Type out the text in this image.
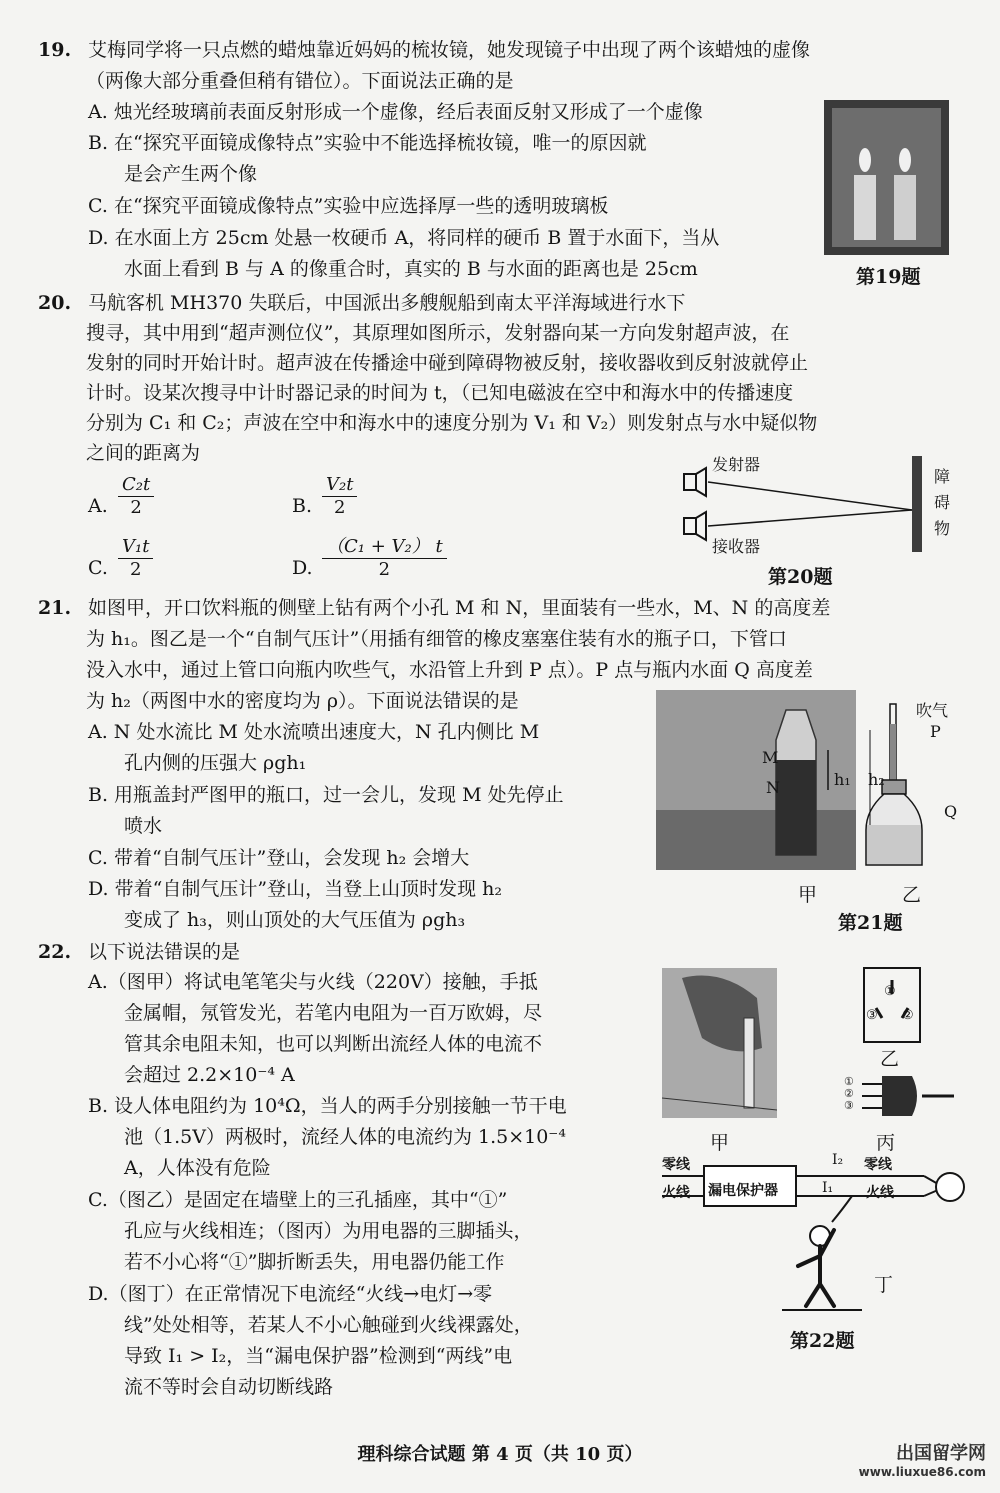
19. 艾梅同学将一只点燃的蜡烛靠近妈妈的梳妆镜，她发现镜子中出现了两个该蜡烛的虚像
（两像大部分重叠但稍有错位）。下面说法正确的是
A. 烛光经玻璃前表面反射形成一个虚像，经后表面反射又形成了一个虚像
B. 在“探究平面镜成像特点”实验中不能选择梳妆镜，唯一的原因就
是会产生两个像
C. 在“探究平面镜成像特点”实验中应选择厚一些的透明玻璃板
D. 在水面上方 25cm 处悬一枚硬币 A，将同样的硬币 B 置于水面下，当从
水面上看到 B 与 A 的像重合时，真实的 B 与水面的距离也是 25cm	第19题
20. 马航客机 MH370 失联后，中国派出多艘舰船到南太平洋海域进行水下
搜寻，其中用到“超声测位仪”，其原理如图所示，发射器向某一方向发射超声波，在
发射的同时开始计时。超声波在传播途中碰到障碍物被反射，接收器收到反射波就停止
计时。设某次搜寻中计时器记录的时间为 t，（已知电磁波在空中和海水中的传播速度
分别为 C₁ 和 C₂；声波在空中和海水中的速度分别为 V₁ 和 V₂）则发射点与水中疑似物
之间的距离为
A. $\frac{\text{C₂t}}{2}$	B. $\frac{\text{V₂t}}{2}$
C. $\frac{\text{V₁t}}{2}$	D. $\frac{\text{（C₁ + V₂） t}}{2}$
发射器
接收器
障
碍
物
第20题
21. 如图甲，开口饮料瓶的侧壁上钻有两个小孔 M 和 N，里面装有一些水，M、N 的高度差
为 h₁。图乙是一个“自制气压计”（用插有细管的橡皮塞塞住装有水的瓶子口，下管口
没入水中，通过上管口向瓶内吹些气，水沿管上升到 P 点）。P 点与瓶内水面 Q 高度差
为 h₂（两图中水的密度均为 ρ）。下面说法错误的是
A. N 处水流比 M 处水流喷出速度大，N 孔内侧比 M
孔内侧的压强大 ρgh₁
B. 用瓶盖封严图甲的瓶口，过一会儿，发现 M 处先停止
喷水
C. 带着“自制气压计”登山，会发现 h₂ 会增大
D. 带着“自制气压计”登山，当登上山顶时发现 h₂
变成了 h₃，则山顶处的大气压值为 ρgh₃
M
N	h₁
吹气
P
Q
h₂
甲	乙
第21题
22. 以下说法错误的是
A.（图甲）将试电笔笔尖与火线（220V）接触，手抵
金属帽，氖管发光，若笔内电阻为一百万欧姆，尽
管其余电阻未知，也可以判断出流经人体的电流不
会超过 2.2×10⁻⁴ A
B. 设人体电阻约为 10⁴Ω，当人的两手分别接触一节干电
池（1.5V）两极时，流经人体的电流约为 1.5×10⁻⁴
A，人体没有危险
C.（图乙）是固定在墙壁上的三孔插座，其中“①”
孔应与火线相连；（图丙）为用电器的三脚插头，
若不小心将“①”脚折断丢失，用电器仍能工作
D.（图丁）在正常情况下电流经“火线→电灯→零
线”处处相等，若某人不小心触碰到火线裸露处，
导致 I₁ > I₂，当“漏电保护器”检测到“两线”电
流不等时会自动切断线路
甲
①
③ ②
乙
①
②
③
丙
零线
火线 漏电保护器
I₂
I₁
零线
火线
丁
第22题
理科综合试题 第 4 页（共 10 页）	出国留学网
www.liuxue86.com
